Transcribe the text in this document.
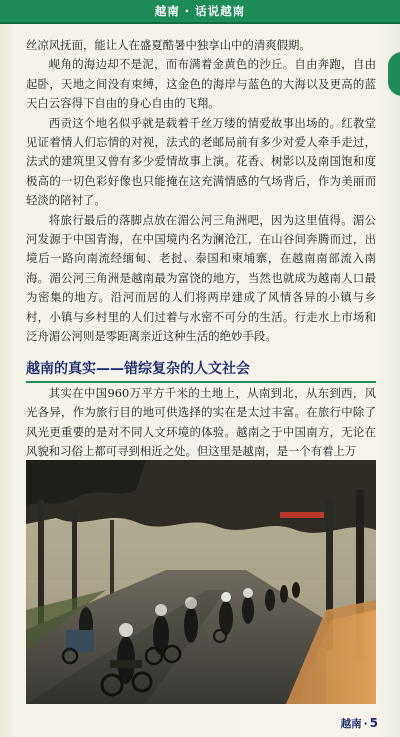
越南 · 话说越南

丝凉风抚面，能让人在盛夏酷暑中独享山中的清爽假期。

岘角的海边却不是泥，而布满着金黄色的沙丘。自由奔跑，自由起卧，天地之间没有束缚，这金色的海岸与蓝色的大海以及更高的蓝天白云容得下自由的身心自由的飞翔。

西贡这个地名似乎就是载着千丝万缕的情爱故事出场的。红教堂见证着情人们忘情的对视，法式的老邮局前有多少对爱人牵手走过，法式的建筑里又曾有多少爱情故事上演。花香、树影以及南国饱和度极高的一切色彩好像也只能掩在这充满情感的气场背后，作为美丽而轻淡的陪衬了。

将旅行最后的落脚点放在湄公河三角洲吧，因为这里值得。湄公河发源于中国青海，在中国境内名为澜沧江，在山谷间奔腾而过，出境后一路向南流经缅甸、老挝、泰国和柬埔寨，在越南南部流入南海。湄公河三角洲是越南最为富饶的地方，当然也就成为越南人口最为密集的地方。沿河而居的人们将两岸建成了风情各异的小镇与乡村，小镇与乡村里的人们过着与水密不可分的生活。行走水上市场和泛舟湄公河则是零距离亲近这种生活的绝妙手段。

越南的真实——错综复杂的人文社会

其实在中国960万平方千米的土地上，从南到北，从东到西，风光各异，作为旅行目的地可供选择的实在是太过丰富。在旅行中除了风光更重要的是对不同人文环境的体验。越南之于中国南方，无论在风貌和习俗上都可寻到相近之处。但这里是越南，是一个有着上万

越南 · 5
